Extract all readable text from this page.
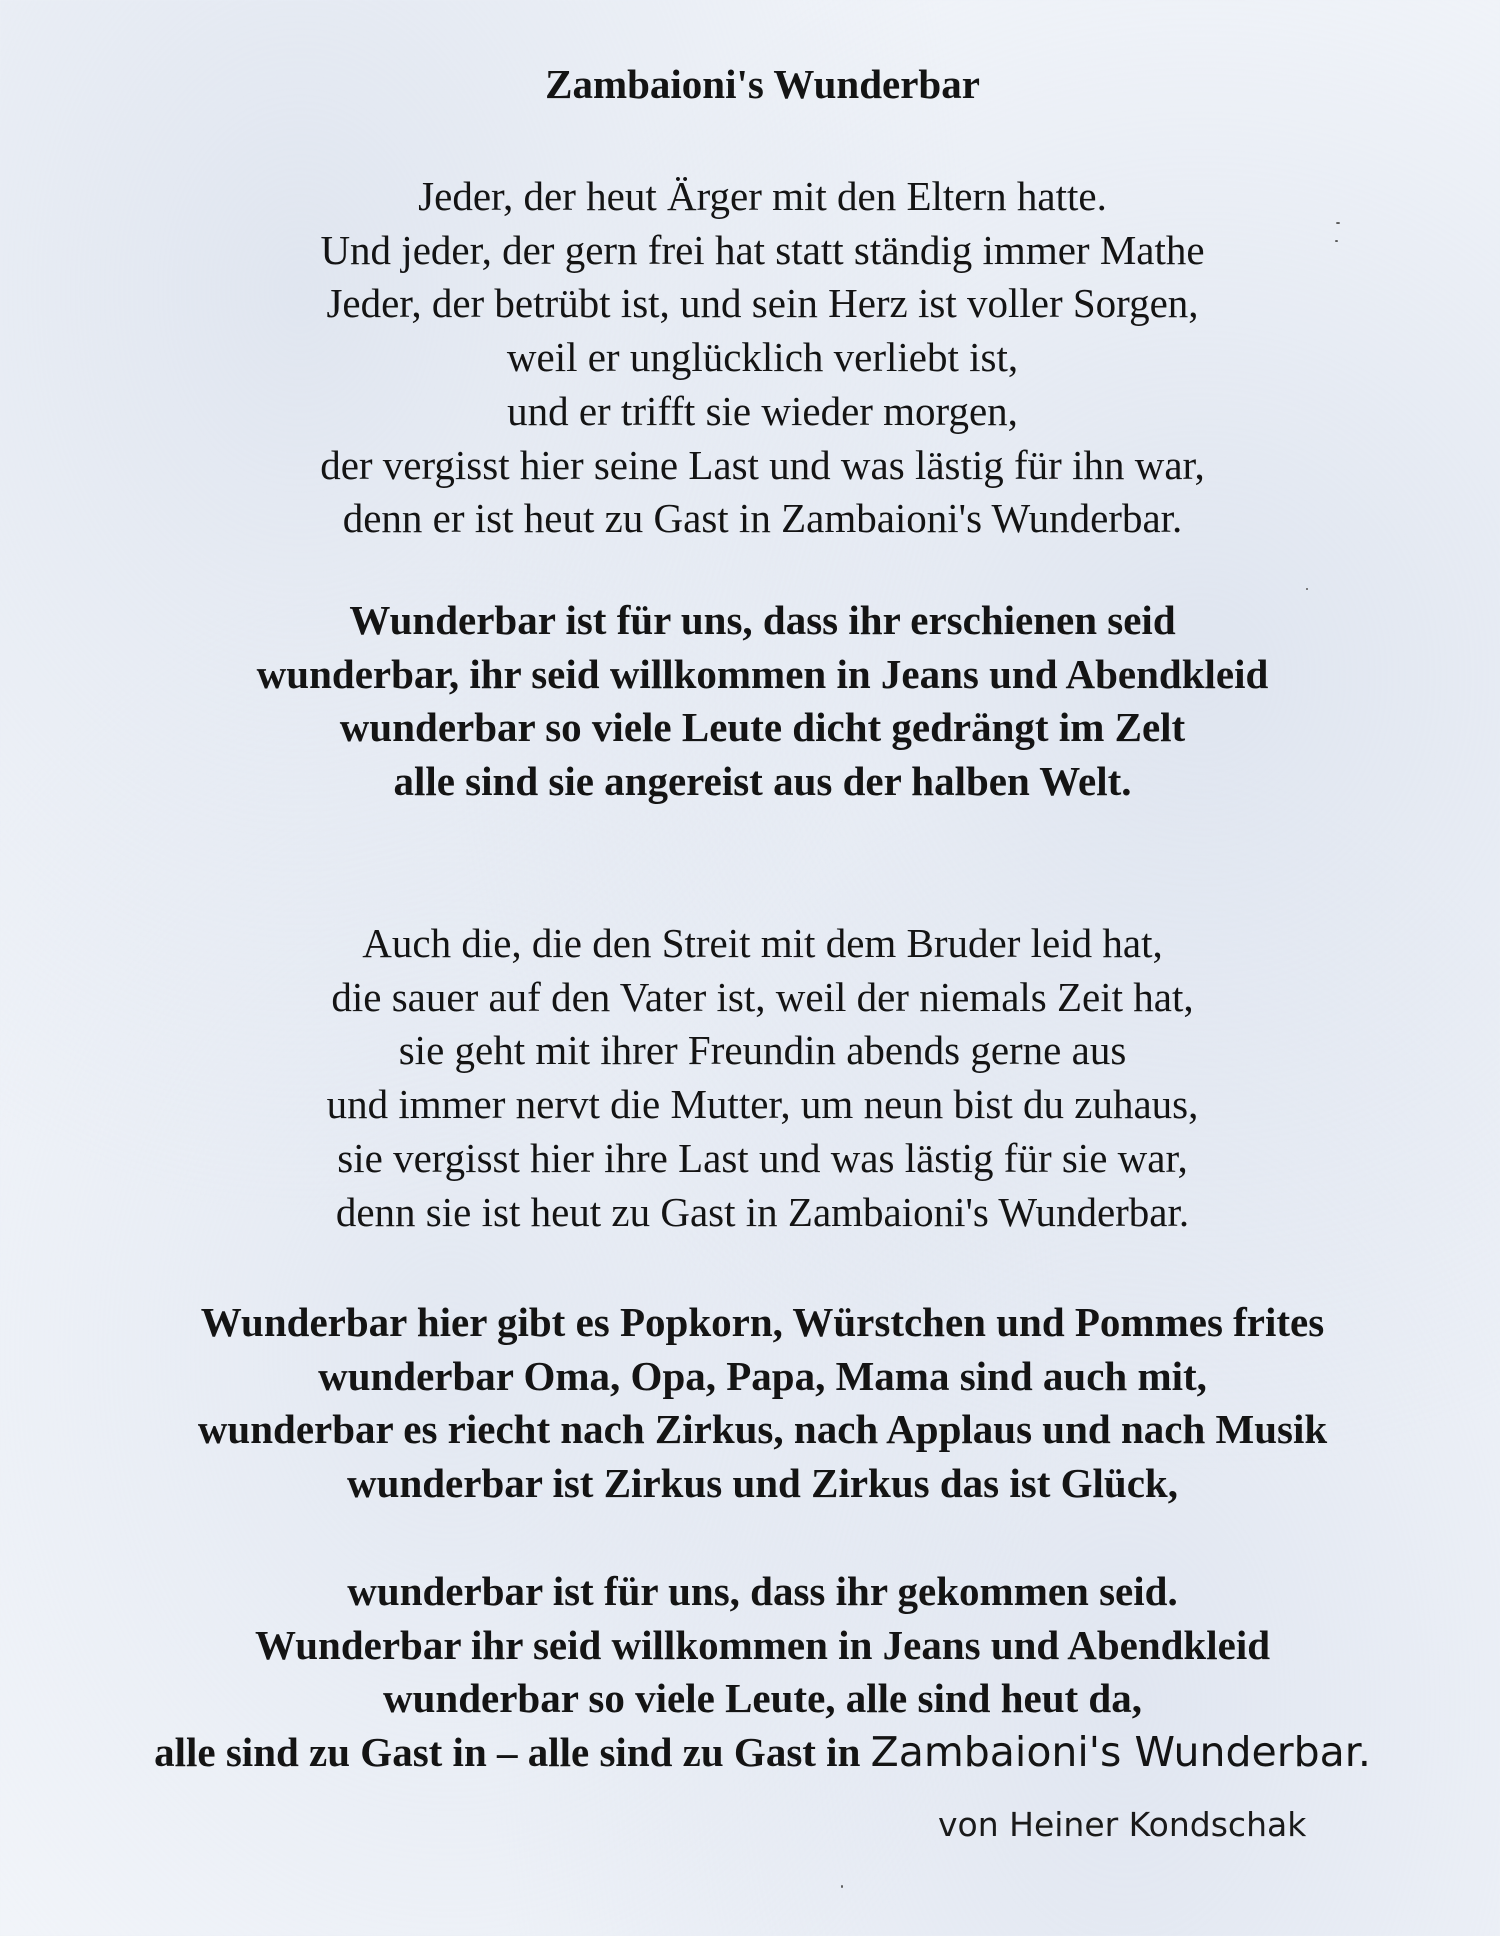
Zambaioni's Wunderbar
Jeder, der heut Ärger mit den Eltern hatte.
Und jeder, der gern frei hat statt ständig immer Mathe
Jeder, der betrübt ist, und sein Herz ist voller Sorgen,
weil er unglücklich verliebt ist,
und er trifft sie wieder morgen,
der vergisst hier seine Last und was lästig für ihn war,
denn er ist heut zu Gast in Zambaioni's Wunderbar.
Wunderbar ist für uns, dass ihr erschienen seid
wunderbar, ihr seid willkommen in Jeans und Abendkleid
wunderbar so viele Leute dicht gedrängt im Zelt
alle sind sie angereist aus der halben Welt.
Auch die, die den Streit mit dem Bruder leid hat,
die sauer auf den Vater ist, weil der niemals Zeit hat,
sie geht mit ihrer Freundin abends gerne aus
und immer nervt die Mutter, um neun bist du zuhaus,
sie vergisst hier ihre Last und was lästig für sie war,
denn sie ist heut zu Gast in Zambaioni's Wunderbar.
Wunderbar hier gibt es Popkorn, Würstchen und Pommes frites
wunderbar Oma, Opa, Papa, Mama sind auch mit,
wunderbar es riecht nach Zirkus, nach Applaus und nach Musik
wunderbar ist Zirkus und Zirkus das ist Glück,
wunderbar ist für uns, dass ihr gekommen seid.
Wunderbar ihr seid willkommen in Jeans und Abendkleid
wunderbar so viele Leute, alle sind heut da,
alle sind zu Gast in – alle sind zu Gast in Zambaioni's Wunderbar.
von Heiner Kondschak
